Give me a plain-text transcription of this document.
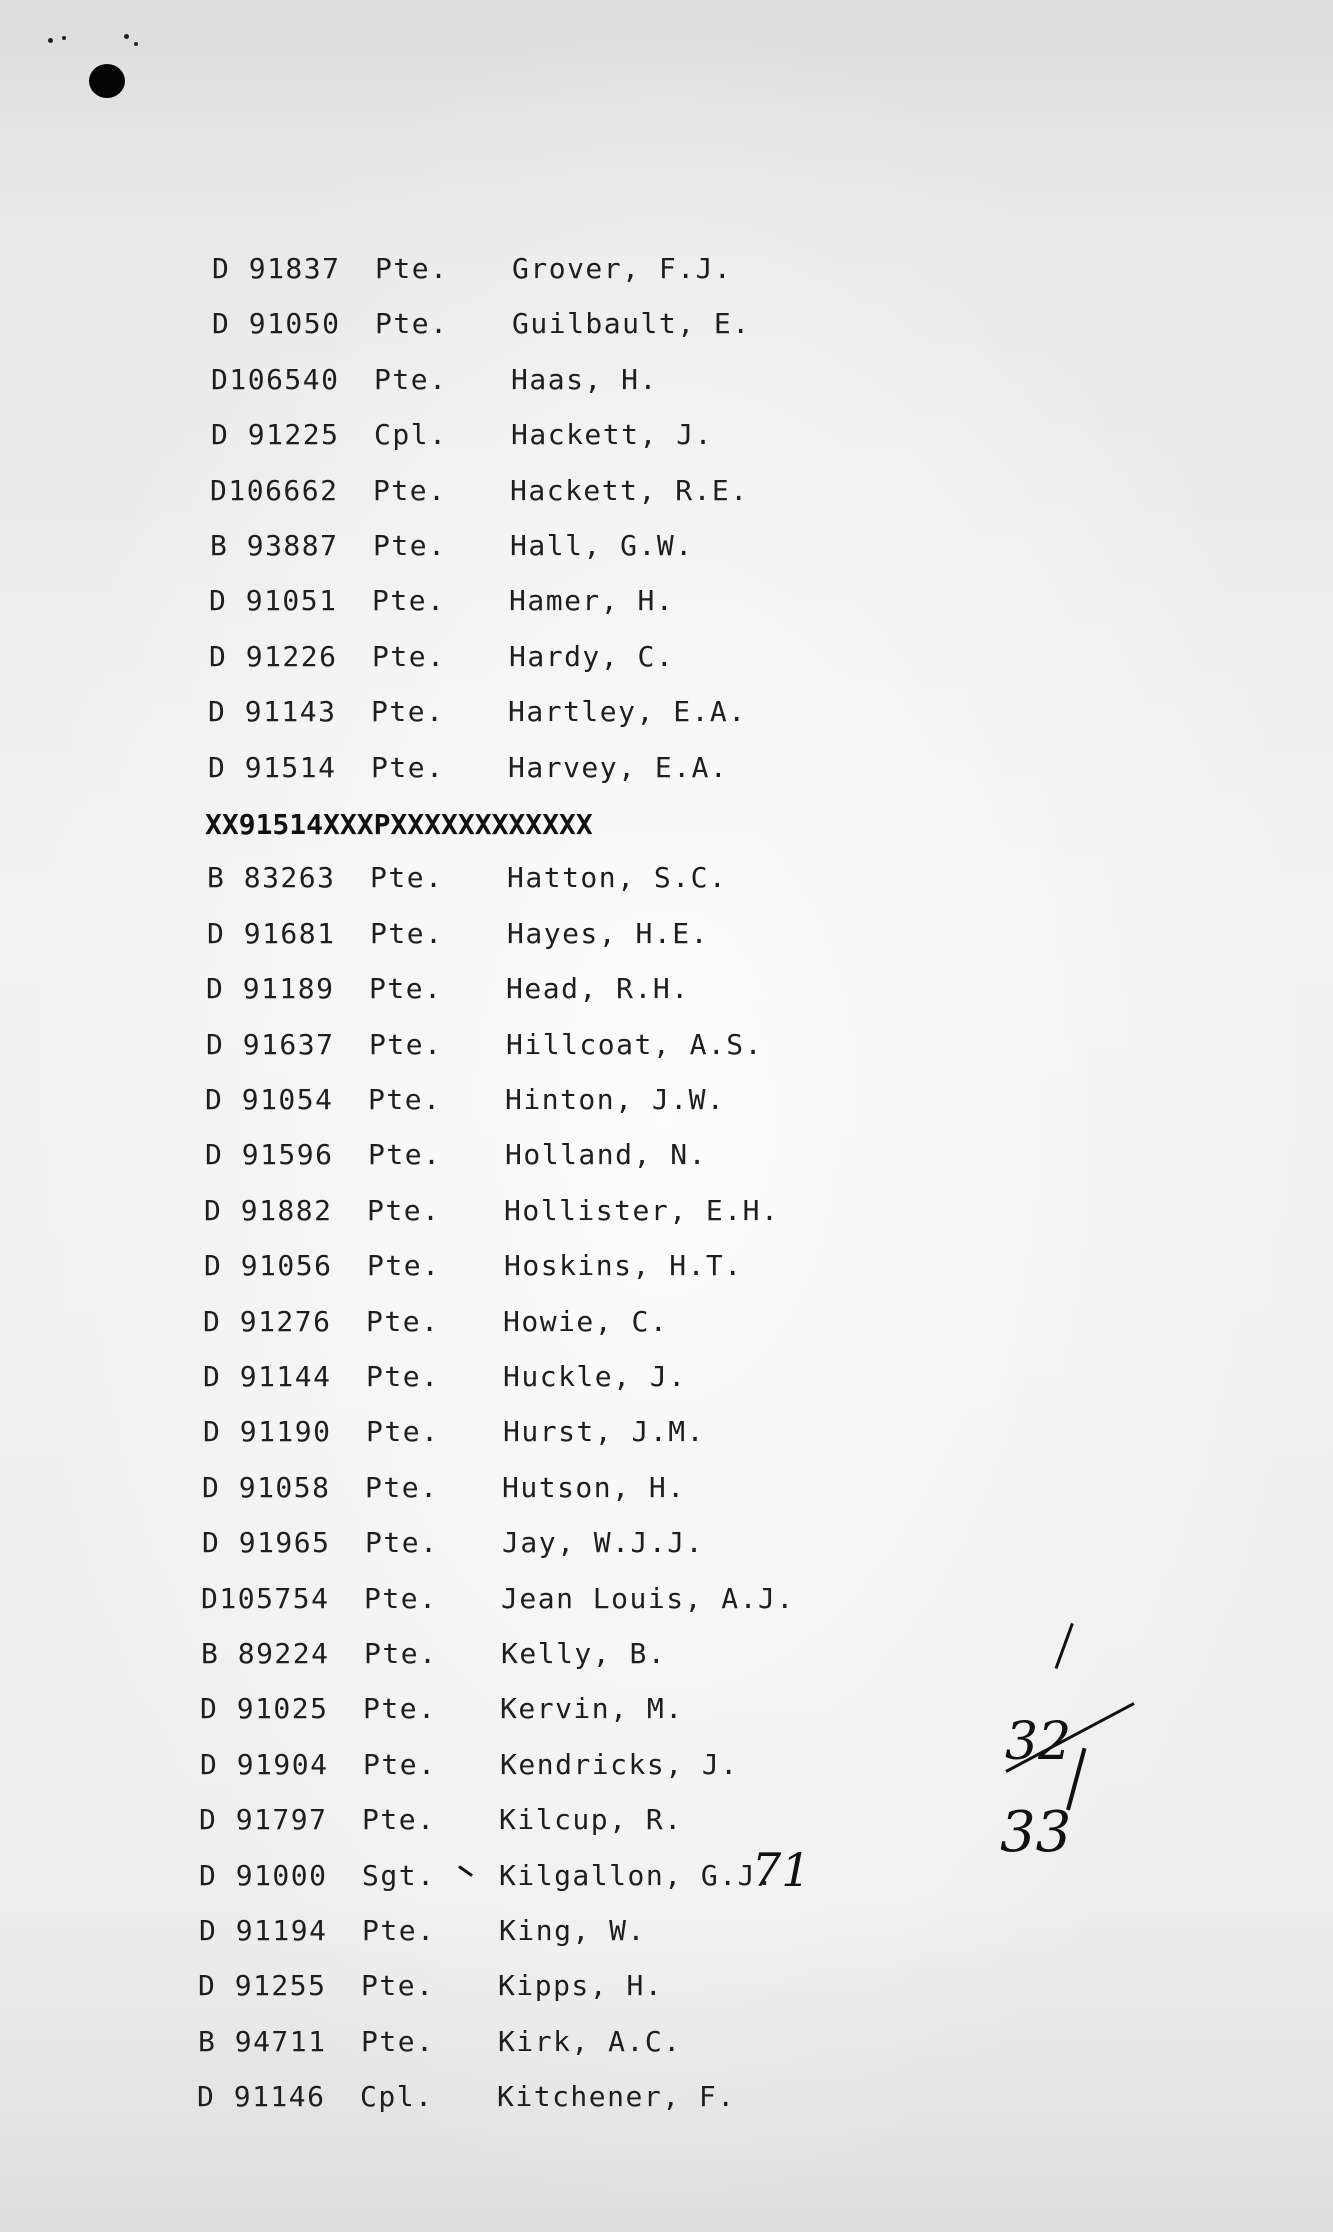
D 91837 Pte. Grover, F.J.
D 91050 Pte. Guilbault, E.
D106540 Pte. Haas, H.
D 91225 Cpl. Hackett, J.
D106662 Pte. Hackett, R.E.
B 93887 Pte. Hall, G.W.
D 91051 Pte. Hamer, H.
D 91226 Pte. Hardy, C.
D 91143 Pte. Hartley, E.A.
D 91514 Pte. Harvey, E.A.
B 83263 Pte. Hatton, S.C.
D 91681 Pte. Hayes, H.E.
D 91189 Pte. Head, R.H.
D 91637 Pte. Hillcoat, A.S.
D 91054 Pte. Hinton, J.W.
D 91596 Pte. Holland, N.
D 91882 Pte. Hollister, E.H.
D 91056 Pte. Hoskins, H.T.
D 91276 Pte. Howie, C.
D 91144 Pte. Huckle, J.
D 91190 Pte. Hurst, J.M.
D 91058 Pte. Hutson, H.
D 91965 Pte. Jay, W.J.J.
D105754 Pte. Jean Louis, A.J.
B 89224 Pte. Kelly, B.
D 91025 Pte. Kervin, M.
D 91904 Pte. Kendricks, J.
D 91797 Pte. Kilcup, R.
D 91000 Sgt. Kilgallon, G.J.
D 91194 Pte. King, W.
D 91255 Pte. Kipps, H.
B 94711 Pte. Kirk, A.C.
D 91146 Cpl. Kitchener, F.
XX91514XXXPXXXXXXXXXXXX
71
32
33
